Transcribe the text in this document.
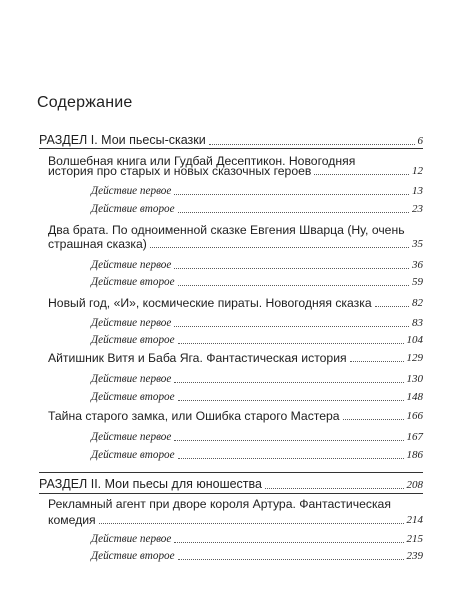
Содержание
РАЗДЕЛ I. Мои пьесы-сказки	6
Волшебная книга или Гудбай Десептикон. Новогодняя
история про старых и новых сказочных героев	12
Действие первое	13
Действие второе	23
Два брата. По одноименной сказке Евгения Шварца (Ну, очень
страшная сказка)	35
Действие первое	36
Действие второе	59
Новый год, «И», космические пираты. Новогодняя сказка	82
Действие первое	83
Действие второе	104
Айтишник Витя и Баба Яга. Фантастическая история	129
Действие первое	130
Действие второе	148
Тайна старого замка, или Ошибка старого Мастера	166
Действие первое	167
Действие второе	186
РАЗДЕЛ II. Мои пьесы для юношества	208
Рекламный агент при дворе короля Артура. Фантастическая
комедия	214
Действие первое	215
Действие второе	239
